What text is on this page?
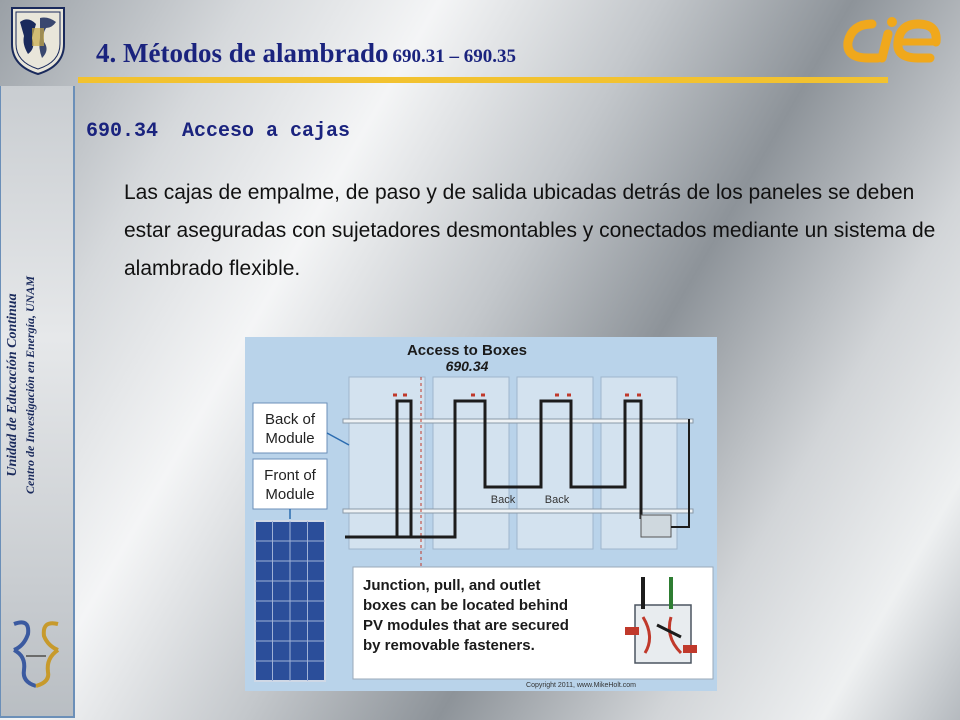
Unidad de Educación Continua Centro de Investigación en Energía, UNAM
4. Métodos de alambrado 690.31 – 690.35
690.34 Acceso a cajas
Las cajas de empalme, de paso y de salida ubicadas detrás de los paneles se deben estar aseguradas con sujetadores desmontables y conectados mediante un sistema de alambrado flexible.
Access to Boxes
690.34
Back	Back
Back of
Module
Front of
Module
Junction, pull, and outlet
boxes can be located behind
PV modules that are secured
by removable fasteners.
Copyright 2011, www.MikeHolt.com
